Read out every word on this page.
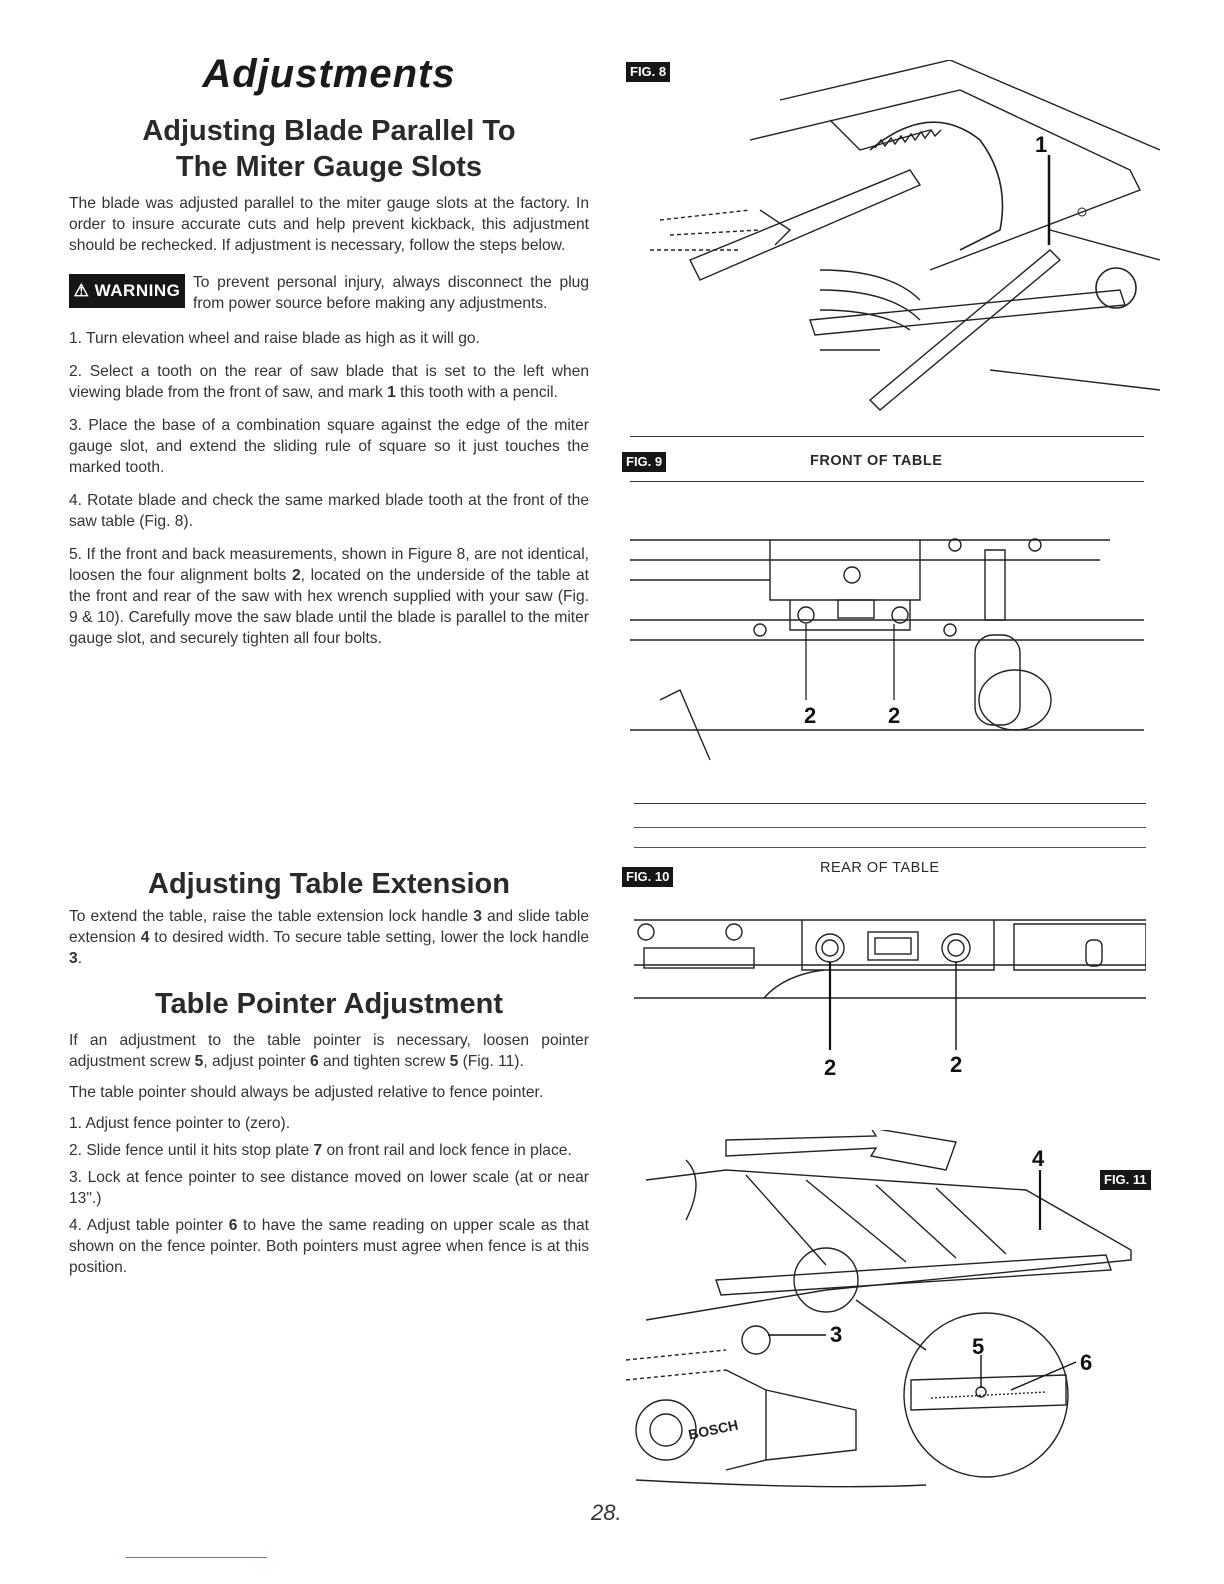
Adjustments
Adjusting Blade Parallel To
The Miter Gauge Slots

The blade was adjusted parallel to the miter gauge slots at the factory. In order to insure accurate cuts and help prevent kickback, this adjustment should be rechecked. If adjustment is necessary, follow the steps below.

⚠ WARNING To prevent personal injury, always disconnect the plug from power source before making any adjustments.

1. Turn elevation wheel and raise blade as high as it will go.

2. Select a tooth on the rear of saw blade that is set to the left when viewing blade from the front of saw, and mark 1 this tooth with a pencil.

3. Place the base of a combination square against the edge of the miter gauge slot, and extend the sliding rule of square so it just touches the marked tooth.

4. Rotate blade and check the same marked blade tooth at the front of the saw table (Fig. 8).

5. If the front and back measurements, shown in Figure 8, are not identical, loosen the four alignment bolts 2, located on the underside of the table at the front and rear of the saw with hex wrench supplied with your saw (Fig. 9 & 10). Carefully move the saw blade until the blade is parallel to the miter gauge slot, and securely tighten all four bolts.

Adjusting Table Extension

To extend the table, raise the table extension lock handle 3 and slide table extension 4 to desired width. To secure table setting, lower the lock handle 3.

Table Pointer Adjustment

If an adjustment to the table pointer is necessary, loosen pointer adjustment screw 5, adjust pointer 6 and tighten screw 5 (Fig. 11).

The table pointer should always be adjusted relative to fence pointer.

1. Adjust fence pointer to (zero).

2. Slide fence until it hits stop plate 7 on front rail and lock fence in place.

3. Lock at fence pointer to see distance moved on lower scale (at or near 13".)

4. Adjust table pointer 6 to have the same reading on upper scale as that shown on the fence pointer. Both pointers must agree when fence is at this position.

FIG. 8
1
FIG. 9	FRONT OF TABLE
2	2
FIG. 10
REAR OF TABLE
2	2
FIG. 11
3
4
5
6
BOSCH
28.
